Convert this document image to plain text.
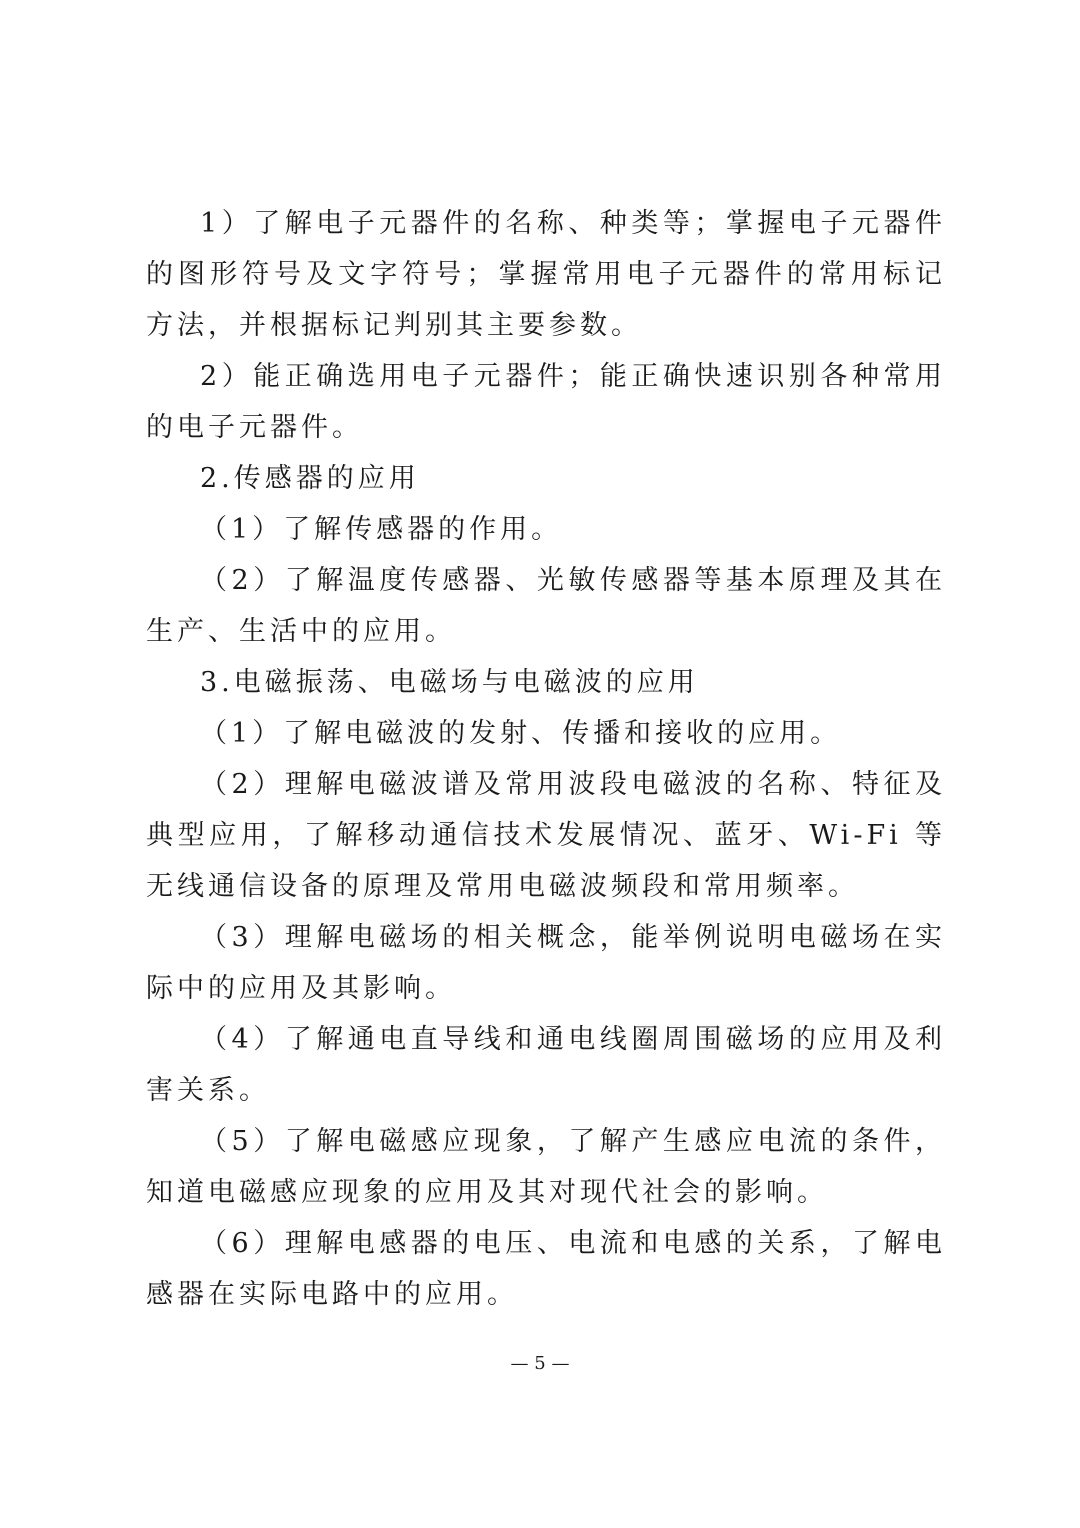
1）了解电子元器件的名称、种类等；掌握电子元器件的图形符号及文字符号；掌握常用电子元器件的常用标记方法，并根据标记判别其主要参数。

2）能正确选用电子元器件；能正确快速识别各种常用的电子元器件。

2.传感器的应用

（1）了解传感器的作用。

（2）了解温度传感器、光敏传感器等基本原理及其在生产、生活中的应用。

3.电磁振荡、电磁场与电磁波的应用

（1）了解电磁波的发射、传播和接收的应用。

（2）理解电磁波谱及常用波段电磁波的名称、特征及典型应用，了解移动通信技术发展情况、蓝牙、Wi-Fi 等无线通信设备的原理及常用电磁波频段和常用频率。

（3）理解电磁场的相关概念，能举例说明电磁场在实际中的应用及其影响。

（4）了解通电直导线和通电线圈周围磁场的应用及利害关系。

（5）了解电磁感应现象，了解产生感应电流的条件，知道电磁感应现象的应用及其对现代社会的影响。

（6）理解电感器的电压、电流和电感的关系，了解电感器在实际电路中的应用。

— 5 —
